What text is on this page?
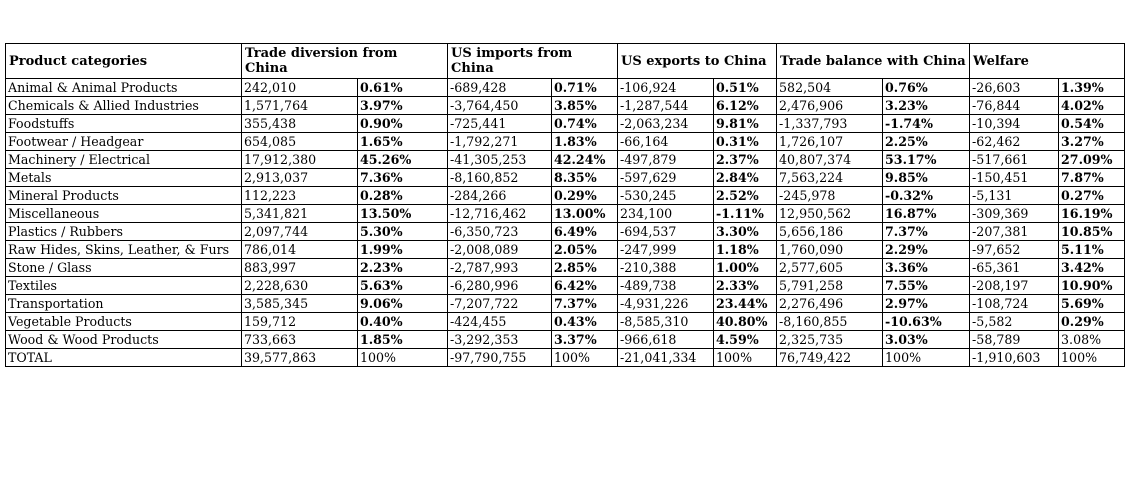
Product categories	Trade diversion from China		US imports from China		US exports to China		Trade balance with China		Welfare	
Animal & Animal Products	242,010	0.61%	-689,428	0.71%	-106,924	0.51%	582,504	0.76%	-26,603	1.39%
Chemicals & Allied Industries	1,571,764	3.97%	-3,764,450	3.85%	-1,287,544	6.12%	2,476,906	3.23%	-76,844	4.02%
Foodstuffs	355,438	0.90%	-725,441	0.74%	-2,063,234	9.81%	-1,337,793	-1.74%	-10,394	0.54%
Footwear / Headgear	654,085	1.65%	-1,792,271	1.83%	-66,164	0.31%	1,726,107	2.25%	-62,462	3.27%
Machinery / Electrical	17,912,380	45.26%	-41,305,253	42.24%	-497,879	2.37%	40,807,374	53.17%	-517,661	27.09%
Metals	2,913,037	7.36%	-8,160,852	8.35%	-597,629	2.84%	7,563,224	9.85%	-150,451	7.87%
Mineral Products	112,223	0.28%	-284,266	0.29%	-530,245	2.52%	-245,978	-0.32%	-5,131	0.27%
Miscellaneous	5,341,821	13.50%	-12,716,462	13.00%	234,100	-1.11%	12,950,562	16.87%	-309,369	16.19%
Plastics / Rubbers	2,097,744	5.30%	-6,350,723	6.49%	-694,537	3.30%	5,656,186	7.37%	-207,381	10.85%
Raw Hides, Skins, Leather, & Furs	786,014	1.99%	-2,008,089	2.05%	-247,999	1.18%	1,760,090	2.29%	-97,652	5.11%
Stone / Glass	883,997	2.23%	-2,787,993	2.85%	-210,388	1.00%	2,577,605	3.36%	-65,361	3.42%
Textiles	2,228,630	5.63%	-6,280,996	6.42%	-489,738	2.33%	5,791,258	7.55%	-208,197	10.90%
Transportation	3,585,345	9.06%	-7,207,722	7.37%	-4,931,226	23.44%	2,276,496	2.97%	-108,724	5.69%
Vegetable Products	159,712	0.40%	-424,455	0.43%	-8,585,310	40.80%	-8,160,855	-10.63%	-5,582	0.29%
Wood & Wood Products	733,663	1.85%	-3,292,353	3.37%	-966,618	4.59%	2,325,735	3.03%	-58,789	3.08%
TOTAL	39,577,863	100%	-97,790,755	100%	-21,041,334	100%	76,749,422	100%	-1,910,603	100%
